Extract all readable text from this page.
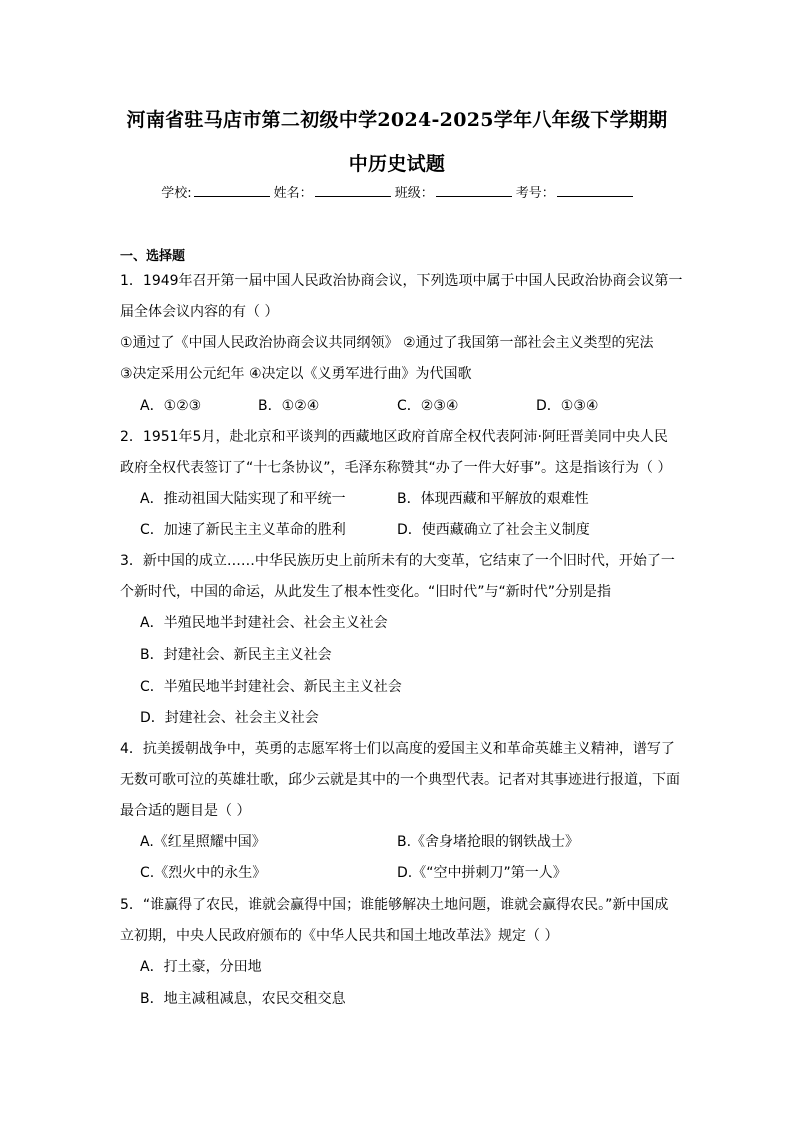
河南省驻马店市第二初级中学2024-2025学年八年级下学期期
中历史试题
学校:	姓名：	班级：	考号：
一、选择题
1．1949年召开第一届中国人民政治协商会议，下列选项中属于中国人民政治协商会议第一
届全体会议内容的有（ ）
①通过了《中国人民政治协商会议共同纲领》 ②通过了我国第一部社会主义类型的宪法
③决定采用公元纪年 ④决定以《义勇军进行曲》为代国歌
A．①②③	B．①②④	C．②③④	D．①③④
2．1951年5月，赴北京和平谈判的西藏地区政府首席全权代表阿沛·阿旺晋美同中央人民
政府全权代表签订了“十七条协议”，毛泽东称赞其“办了一件大好事”。这是指该行为（ ）
A．推动祖国大陆实现了和平统一	B．体现西藏和平解放的艰难性
C．加速了新民主主义革命的胜利	D．使西藏确立了社会主义制度
3．新中国的成立……中华民族历史上前所未有的大变革，它结束了一个旧时代，开始了一
个新时代，中国的命运，从此发生了根本性变化。“旧时代”与“新时代”分别是指
A．半殖民地半封建社会、社会主义社会
B．封建社会、新民主主义社会
C．半殖民地半封建社会、新民主主义社会
D．封建社会、社会主义社会
4．抗美援朝战争中，英勇的志愿军将士们以高度的爱国主义和革命英雄主义精神，谱写了
无数可歌可泣的英雄壮歌，邱少云就是其中的一个典型代表。记者对其事迹进行报道，下面
最合适的题目是（ ）
A.《红星照耀中国》	B.《舍身堵抢眼的钢铁战士》
C.《烈火中的永生》	D.《“空中拼刺刀”第一人》
5．“谁赢得了农民，谁就会赢得中国；谁能够解决土地问题，谁就会赢得农民。”新中国成
立初期，中央人民政府颁布的《中华人民共和国土地改革法》规定（ ）
A．打土豪，分田地
B．地主减租减息，农民交租交息
